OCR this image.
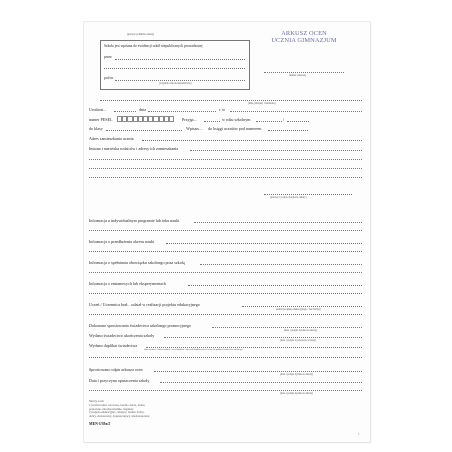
(pieczęć podłużna szkoły)	ARKUSZ OCEN
UCZNIA GIMNAZJUM
(numer arkusza)
Szkoła jest wpisana do ewidencji szkół niepublicznych prowadzonej
przez
pod nr
(wypełnia szkoła niepubliczna)
(imię (imiona) i nazwisko)
Urodzon...	dnia	r. w
numer PESEL	Przyjęt...	w roku szkolnym	/
do klasy	Wpisan.... do księgi uczniów pod numerem
Adres zamieszkania ucznia
Imiona i nazwiska rodziców i adresy ich zamieszkania
(pieczęć i podpis dyrektora szkoły)
Informacja o indywidualnym programie lub toku nauki
Informacja o przedłużeniu okresu nauki
Informacja o spełnianiu obowiązku szkolnego poza szkołą
Informacja o zmianowych lub eksperymentach
Uczeń / Uczennica brał... udział w realizacji projektu edukacyjnego
(temat projektu edukacyjnego / nie brał(a))
Dokonano sprostowania świadectwa szkolnego promocyjnego
(data i podpis dyrektora szkoły)
Wydano świadectwo ukończenia szkoły
(data i podpis wychowawcy klasy)
Wydano duplikat świadectwa
(data wydania / numer wydania i seria duplikatu / datownik duplikatu przez osobę lub podmiot świadectwa szkolnego)
Sprostowano odpis arkusza ocen
(data i podpis dyrektora szkoły)
Data i przyczyna opuszczenia szkoły
(data i podpis dyrektora szkoły)
Skróty ocen:
1) zachowanie: wzorowe, bardzo dobre, dobre,
poprawne, nieodpowiednie, naganne;
2) zajęcia edukacyjne: celujący, bardzo dobry,
dobry, dostateczny, dopuszczający, niedostateczny.
MEN-I/39a/2
1
